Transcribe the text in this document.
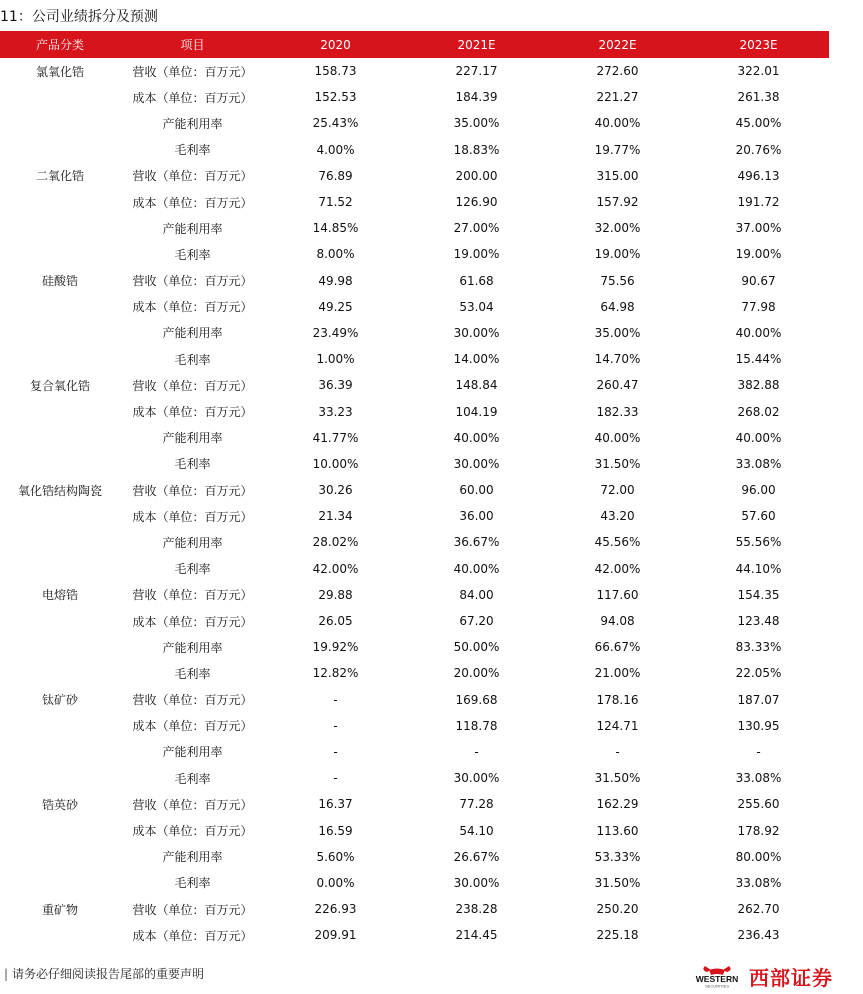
11：公司业绩拆分及预测
产品分类	项目	2020	2021E	2022E	2023E
氯氧化锆	营收（单位：百万元）	158.73	227.17	272.60	322.01
	成本（单位：百万元）	152.53	184.39	221.27	261.38
	产能利用率	25.43%	35.00%	40.00%	45.00%
	毛利率	4.00%	18.83%	19.77%	20.76%
二氧化锆	营收（单位：百万元）	76.89	200.00	315.00	496.13
	成本（单位：百万元）	71.52	126.90	157.92	191.72
	产能利用率	14.85%	27.00%	32.00%	37.00%
	毛利率	8.00%	19.00%	19.00%	19.00%
硅酸锆	营收（单位：百万元）	49.98	61.68	75.56	90.67
	成本（单位：百万元）	49.25	53.04	64.98	77.98
	产能利用率	23.49%	30.00%	35.00%	40.00%
	毛利率	1.00%	14.00%	14.70%	15.44%
复合氧化锆	营收（单位：百万元）	36.39	148.84	260.47	382.88
	成本（单位：百万元）	33.23	104.19	182.33	268.02
	产能利用率	41.77%	40.00%	40.00%	40.00%
	毛利率	10.00%	30.00%	31.50%	33.08%
氧化锆结构陶瓷	营收（单位：百万元）	30.26	60.00	72.00	96.00
	成本（单位：百万元）	21.34	36.00	43.20	57.60
	产能利用率	28.02%	36.67%	45.56%	55.56%
	毛利率	42.00%	40.00%	42.00%	44.10%
电熔锆	营收（单位：百万元）	29.88	84.00	117.60	154.35
	成本（单位：百万元）	26.05	67.20	94.08	123.48
	产能利用率	19.92%	50.00%	66.67%	83.33%
	毛利率	12.82%	20.00%	21.00%	22.05%
钛矿砂	营收（单位：百万元）	-	169.68	178.16	187.07
	成本（单位：百万元）	-	118.78	124.71	130.95
	产能利用率	-	-	-	-
	毛利率	-	30.00%	31.50%	33.08%
锆英砂	营收（单位：百万元）	16.37	77.28	162.29	255.60
	成本（单位：百万元）	16.59	54.10	113.60	178.92
	产能利用率	5.60%	26.67%	53.33%	80.00%
	毛利率	0.00%	30.00%	31.50%	33.08%
重矿物	营收（单位：百万元）	226.93	238.28	250.20	262.70
	成本（单位：百万元）	209.91	214.45	225.18	236.43
| 请务必仔细阅读报告尾部的重要声明	WESTERN
SECURITIES 西部证券
